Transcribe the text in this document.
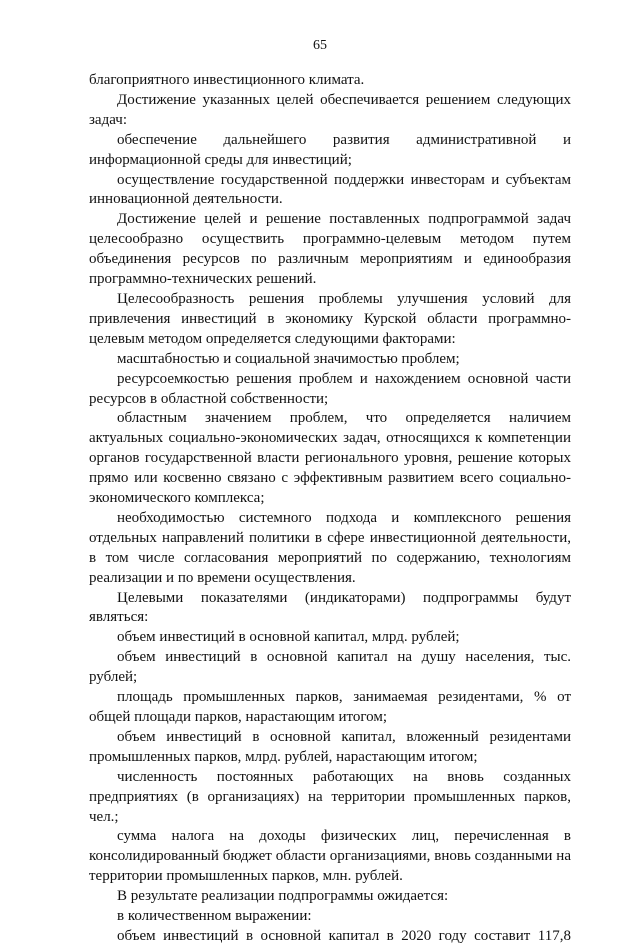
65

благоприятного инвестиционного климата.

Достижение указанных целей обеспечивается решением следующих задач:

обеспечение дальнейшего развития административной и информационной среды для инвестиций;

осуществление государственной поддержки инвесторам и субъектам инновационной деятельности.

Достижение целей и решение поставленных подпрограммой задач целесообразно осуществить программно-целевым методом путем объединения ресурсов по различным мероприятиям и единообразия программно-технических решений.

Целесообразность решения проблемы улучшения условий для привлечения инвестиций в экономику Курской области программно-целевым методом определяется следующими факторами:

масштабностью и социальной значимостью проблем;

ресурсоемкостью решения проблем и нахождением основной части ресурсов в областной собственности;

областным значением проблем, что определяется наличием актуальных социально-экономических задач, относящихся к компетенции органов государственной власти регионального уровня, решение которых прямо или косвенно связано с эффективным развитием всего социально-экономического комплекса;

необходимостью системного подхода и комплексного решения отдельных направлений политики в сфере инвестиционной деятельности, в том числе согласования мероприятий по содержанию, технологиям реализации и по времени осуществления.

Целевыми показателями (индикаторами) подпрограммы будут являться:

объем инвестиций в основной капитал, млрд. рублей;

объем инвестиций в основной капитал на душу населения, тыс. рублей;

площадь промышленных парков, занимаемая резидентами, % от общей площади парков, нарастающим итогом;

объем инвестиций в основной капитал, вложенный резидентами промышленных парков, млрд. рублей, нарастающим итогом;

численность постоянных работающих на вновь созданных предприятиях (в организациях) на территории промышленных парков, чел.;

сумма налога на доходы физических лиц, перечисленная в консолидированный бюджет области организациями, вновь созданными на территории промышленных парков, млн. рублей.

В результате реализации подпрограммы ожидается:

в количественном выражении:

объем инвестиций в основной капитал в 2020 году составит 117,8
